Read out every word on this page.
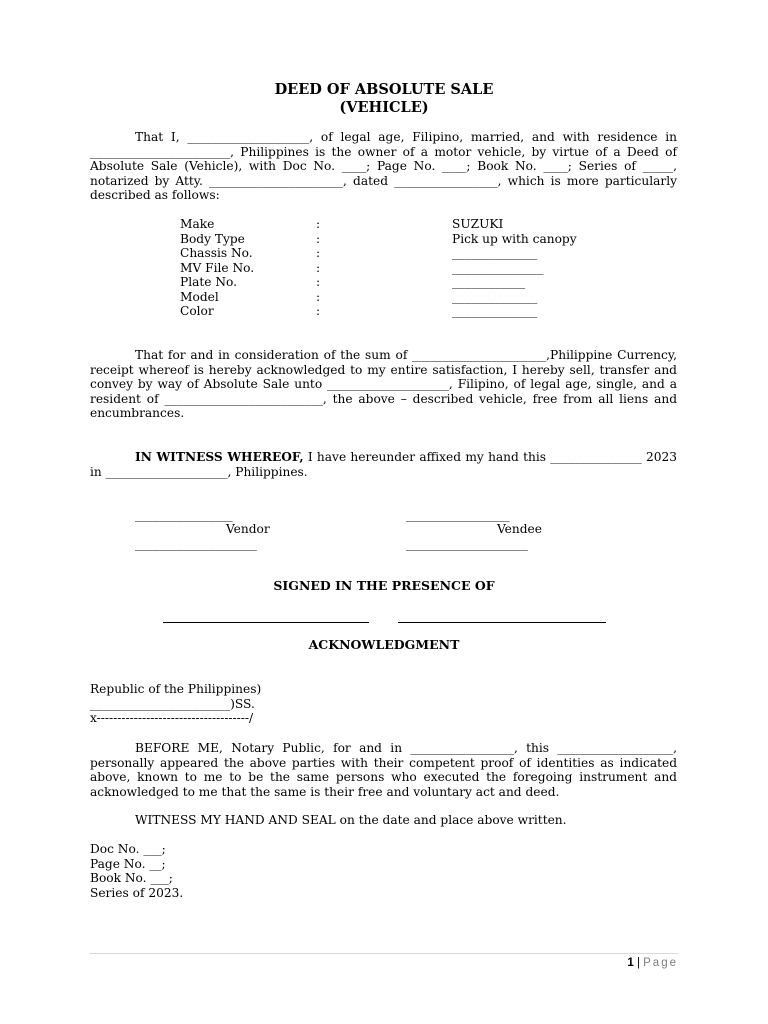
DEED OF ABSOLUTE SALE
(VEHICLE)
That I, ____________________, of legal age, Filipino, married, and with residence in _______________________, Philippines is the owner of a motor vehicle, by virtue of a Deed of Absolute Sale (Vehicle), with Doc No. ____; Page No. ____; Book No. ____; Series of _____, notarized by Atty. ______________________, dated _________________, which is more particularly described as follows:
Make	:	SUZUKI
Body Type	:	Pick up with canopy
Chassis No.	:	______________
MV File No.	:	_______________
Plate No.	:	____________
Model	:	______________
Color	:	______________
That for and in consideration of the sum of ______________________,Philippine Currency, receipt whereof is hereby acknowledged to my entire satisfaction, I hereby sell, transfer and convey by way of Absolute Sale unto ____________________, Filipino, of legal age, single, and a resident of __________________________, the above – described vehicle, free from all liens and encumbrances.
IN WITNESS WHEREOF, I have hereunder affixed my hand this _______________ 2023 in ____________________, Philippines.
________________
Vendor
____________________
_________________
Vendee
____________________
SIGNED IN THE PRESENCE OF
ACKNOWLEDGMENT
Republic of the Philippines)
_______________________)SS.
x-------------------------------------/
BEFORE ME, Notary Public, for and in _________________, this ___________________, personally appeared the above parties with their competent proof of identities as indicated above, known to me to be the same persons who executed the foregoing instrument and acknowledged to me that the same is their free and voluntary act and deed.
WITNESS MY HAND AND SEAL on the date and place above written.
Doc No. ___;
Page No. __;
Book No. ___;
Series of 2023.
1 | Page
